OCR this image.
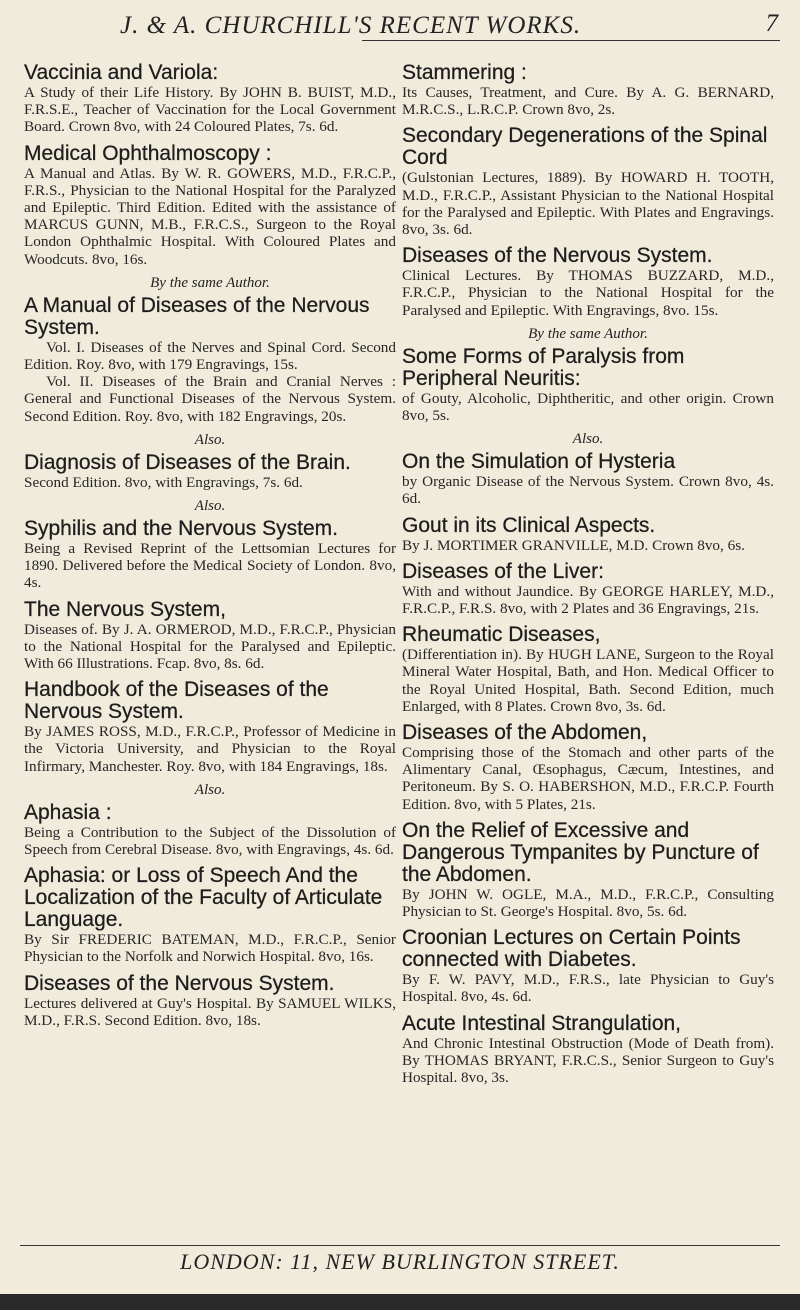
J. & A. CHURCHILL'S RECENT WORKS.	7
Vaccinia and Variola:
A Study of their Life History. By JOHN B. BUIST, M.D., F.R.S.E., Teacher of Vaccination for the Local Government Board. Crown 8vo, with 24 Coloured Plates, 7s. 6d.
Medical Ophthalmoscopy :
A Manual and Atlas. By W. R. GOWERS, M.D., F.R.C.P., F.R.S., Physician to the National Hospital for the Paralyzed and Epileptic. Third Edition. Edited with the assistance of MARCUS GUNN, M.B., F.R.C.S., Surgeon to the Royal London Ophthalmic Hospital. With Coloured Plates and Woodcuts. 8vo, 16s.
By the same Author.
A Manual of Diseases of the Nervous System.
Vol. I. Diseases of the Nerves and Spinal Cord. Second Edition. Roy. 8vo, with 179 Engravings, 15s.
Vol. II. Diseases of the Brain and Cranial Nerves : General and Functional Diseases of the Nervous System. Second Edition. Roy. 8vo, with 182 Engravings, 20s.
Also.
Diagnosis of Diseases of the Brain.
Second Edition. 8vo, with Engravings, 7s. 6d.
Also.
Syphilis and the Nervous System.
Being a Revised Reprint of the Lettsomian Lectures for 1890. Delivered before the Medical Society of London. 8vo, 4s.
The Nervous System,
Diseases of. By J. A. ORMEROD, M.D., F.R.C.P., Physician to the National Hospital for the Paralysed and Epileptic. With 66 Illustrations. Fcap. 8vo, 8s. 6d.
Handbook of the Diseases of the Nervous System.
By JAMES ROSS, M.D., F.R.C.P., Professor of Medicine in the Victoria University, and Physician to the Royal Infirmary, Manchester. Roy. 8vo, with 184 Engravings, 18s.
Also.
Aphasia :
Being a Contribution to the Subject of the Dissolution of Speech from Cerebral Disease. 8vo, with Engravings, 4s. 6d.
Aphasia: or Loss of Speech And the Localization of the Faculty of Articulate Language.
By Sir FREDERIC BATEMAN, M.D., F.R.C.P., Senior Physician to the Norfolk and Norwich Hospital. 8vo, 16s.
Diseases of the Nervous System.
Lectures delivered at Guy's Hospital. By SAMUEL WILKS, M.D., F.R.S. Second Edition. 8vo, 18s.
Stammering :
Its Causes, Treatment, and Cure. By A. G. BERNARD, M.R.C.S., L.R.C.P. Crown 8vo, 2s.
Secondary Degenerations of the Spinal Cord
(Gulstonian Lectures, 1889). By HOWARD H. TOOTH, M.D., F.R.C.P., Assistant Physician to the National Hospital for the Paralysed and Epileptic. With Plates and Engravings. 8vo, 3s. 6d.
Diseases of the Nervous System.
Clinical Lectures. By THOMAS BUZZARD, M.D., F.R.C.P., Physician to the National Hospital for the Paralysed and Epileptic. With Engravings, 8vo. 15s.
By the same Author.
Some Forms of Paralysis from Peripheral Neuritis:
of Gouty, Alcoholic, Diphtheritic, and other origin. Crown 8vo, 5s.
Also.
On the Simulation of Hysteria
by Organic Disease of the Nervous System. Crown 8vo, 4s. 6d.
Gout in its Clinical Aspects.
By J. MORTIMER GRANVILLE, M.D. Crown 8vo, 6s.
Diseases of the Liver:
With and without Jaundice. By GEORGE HARLEY, M.D., F.R.C.P., F.R.S. 8vo, with 2 Plates and 36 Engravings, 21s.
Rheumatic Diseases,
(Differentiation in). By HUGH LANE, Surgeon to the Royal Mineral Water Hospital, Bath, and Hon. Medical Officer to the Royal United Hospital, Bath. Second Edition, much Enlarged, with 8 Plates. Crown 8vo, 3s. 6d.
Diseases of the Abdomen,
Comprising those of the Stomach and other parts of the Alimentary Canal, Œsophagus, Cæcum, Intestines, and Peritoneum. By S. O. HABERSHON, M.D., F.R.C.P. Fourth Edition. 8vo, with 5 Plates, 21s.
On the Relief of Excessive and Dangerous Tympanites by Puncture of the Abdomen.
By JOHN W. OGLE, M.A., M.D., F.R.C.P., Consulting Physician to St. George's Hospital. 8vo, 5s. 6d.
Croonian Lectures on Certain Points connected with Diabetes.
By F. W. PAVY, M.D., F.R.S., late Physician to Guy's Hospital. 8vo, 4s. 6d.
Acute Intestinal Strangulation,
And Chronic Intestinal Obstruction (Mode of Death from). By THOMAS BRYANT, F.R.C.S., Senior Surgeon to Guy's Hospital. 8vo, 3s.
LONDON: 11, NEW BURLINGTON STREET.
